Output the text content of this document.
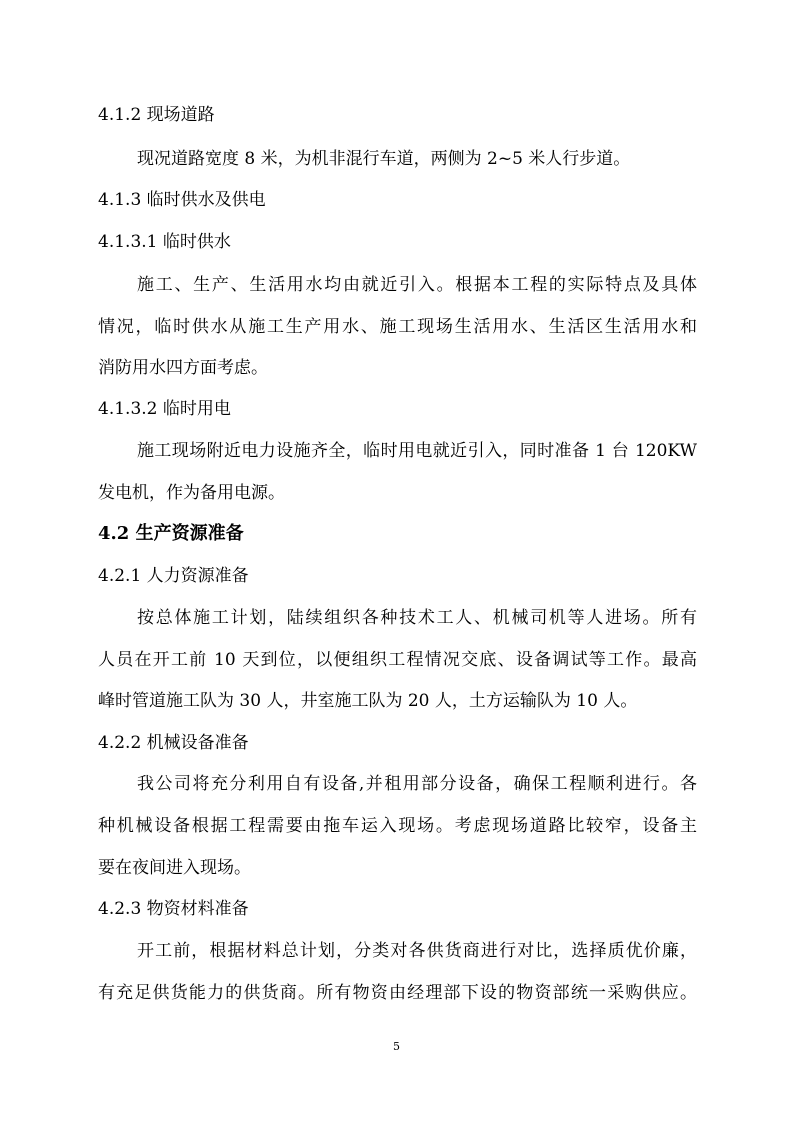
4.1.2 现场道路
现况道路宽度 8 米，为机非混行车道，两侧为 2~5 米人行步道。
4.1.3 临时供水及供电
4.1.3.1 临时供水
施工、生产、生活用水均由就近引入。根据本工程的实际特点及具体
情况，临时供水从施工生产用水、施工现场生活用水、生活区生活用水和
消防用水四方面考虑。
4.1.3.2 临时用电
施工现场附近电力设施齐全，临时用电就近引入，同时准备 1 台 120KW
发电机，作为备用电源。
4.2 生产资源准备
4.2.1 人力资源准备
按总体施工计划，陆续组织各种技术工人、机械司机等人进场。所有
人员在开工前 10 天到位，以便组织工程情况交底、设备调试等工作。最高
峰时管道施工队为 30 人，井室施工队为 20 人，土方运输队为 10 人。
4.2.2 机械设备准备
我公司将充分利用自有设备,并租用部分设备，确保工程顺利进行。各
种机械设备根据工程需要由拖车运入现场。考虑现场道路比较窄，设备主
要在夜间进入现场。
4.2.3 物资材料准备
开工前，根据材料总计划，分类对各供货商进行对比，选择质优价廉，
有充足供货能力的供货商。所有物资由经理部下设的物资部统一采购供应。
5
